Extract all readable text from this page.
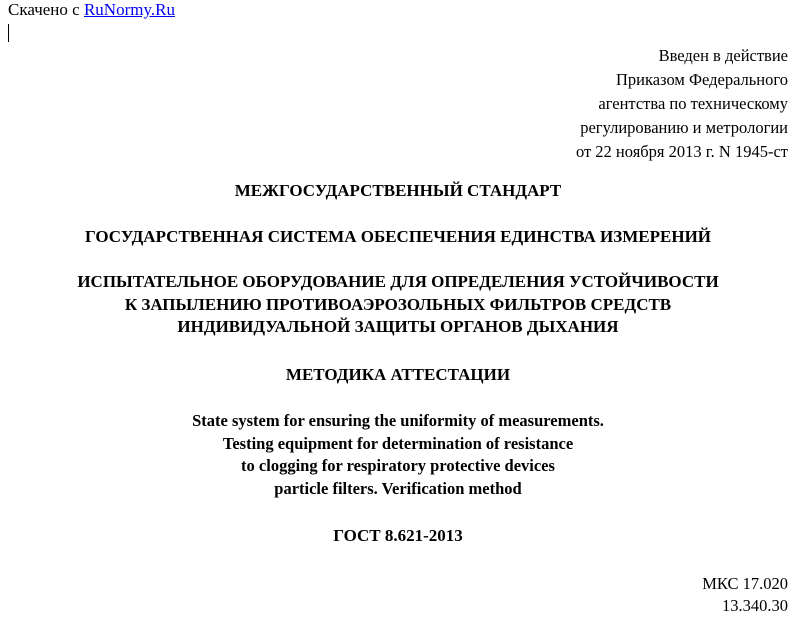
Скачено с RuNormy.Ru
Введен в действие
Приказом Федерального
агентства по техническому
регулированию и метрологии
от 22 ноября 2013 г. N 1945-ст
МЕЖГОСУДАРСТВЕННЫЙ СТАНДАРТ
ГОСУДАРСТВЕННАЯ СИСТЕМА ОБЕСПЕЧЕНИЯ ЕДИНСТВА ИЗМЕРЕНИЙ
ИСПЫТАТЕЛЬНОЕ ОБОРУДОВАНИЕ ДЛЯ ОПРЕДЕЛЕНИЯ УСТОЙЧИВОСТИ
К ЗАПЫЛЕНИЮ ПРОТИВОАЭРОЗОЛЬНЫХ ФИЛЬТРОВ СРЕДСТВ
ИНДИВИДУАЛЬНОЙ ЗАЩИТЫ ОРГАНОВ ДЫХАНИЯ
МЕТОДИКА АТТЕСТАЦИИ
State system for ensuring the uniformity of measurements.
Testing equipment for determination of resistance
to clogging for respiratory protective devices
particle filters. Verification method
ГОСТ 8.621-2013
МКС 17.020
13.340.30
